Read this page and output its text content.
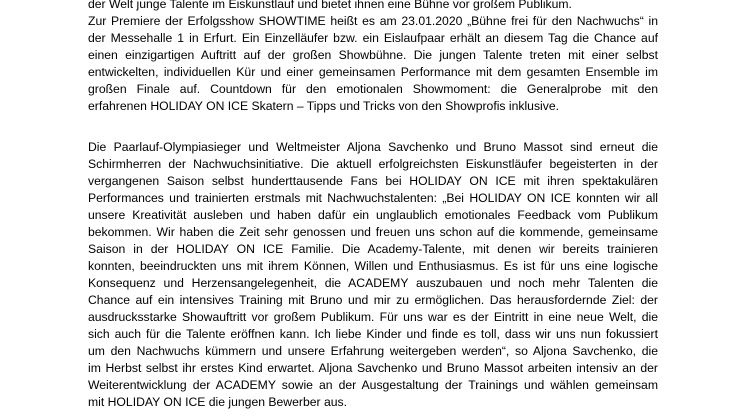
der Welt junge Talente im Eiskunstlauf und bietet ihnen eine Bühne vor großem Publikum.
Zur Premiere der Erfolgsshow SHOWTIME heißt es am 23.01.2020 „Bühne frei für den Nachwuchs“ in
der Messehalle 1 in Erfurt. Ein Einzelläufer bzw. ein Eislaufpaar erhält an diesem Tag die Chance auf
einen einzigartigen Auftritt auf der großen Showbühne. Die jungen Talente treten mit einer selbst
entwickelten, individuellen Kür und einer gemeinsamen Performance mit dem gesamten Ensemble im
großen Finale auf. Countdown für den emotionalen Showmoment: die Generalprobe mit den
erfahrenen HOLIDAY ON ICE Skatern – Tipps und Tricks von den Showprofis inklusive.
Die Paarlauf-Olympiasieger und Weltmeister Aljona Savchenko und Bruno Massot sind erneut die
Schirmherren der Nachwuchsinitiative. Die aktuell erfolgreichsten Eiskunstläufer begeisterten in der
vergangenen Saison selbst hunderttausende Fans bei HOLIDAY ON ICE mit ihren spektakulären
Performances und trainierten erstmals mit Nachwuchstalenten: „Bei HOLIDAY ON ICE konnten wir all
unsere Kreativität ausleben und haben dafür ein unglaublich emotionales Feedback vom Publikum
bekommen. Wir haben die Zeit sehr genossen und freuen uns schon auf die kommende, gemeinsame
Saison in der HOLIDAY ON ICE Familie. Die Academy-Talente, mit denen wir bereits trainieren
konnten, beeindruckten uns mit ihrem Können, Willen und Enthusiasmus. Es ist für uns eine logische
Konsequenz und Herzensangelegenheit, die ACADEMY auszubauen und noch mehr Talenten die
Chance auf ein intensives Training mit Bruno und mir zu ermöglichen. Das herausfordernde Ziel: der
ausdrucksstarke Showauftritt vor großem Publikum. Für uns war es der Eintritt in eine neue Welt, die
sich auch für die Talente eröffnen kann. Ich liebe Kinder und finde es toll, dass wir uns nun fokussiert
um den Nachwuchs kümmern und unsere Erfahrung weitergeben werden“, so Aljona Savchenko, die
im Herbst selbst ihr erstes Kind erwartet. Aljona Savchenko und Bruno Massot arbeiten intensiv an der
Weiterentwicklung der ACADEMY sowie an der Ausgestaltung der Trainings und wählen gemeinsam
mit HOLIDAY ON ICE die jungen Bewerber aus.
